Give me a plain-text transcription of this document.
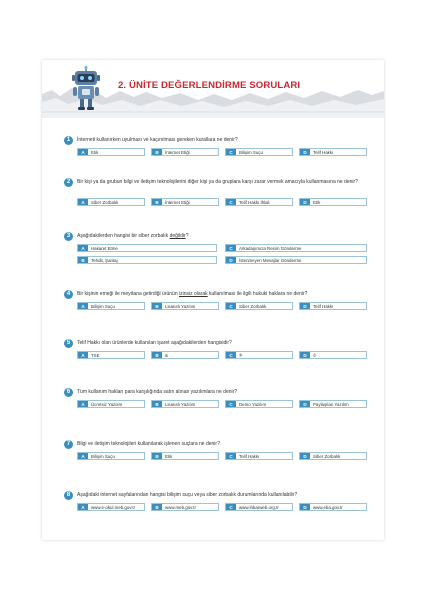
2. ÜNİTE DEĞERLENDİRME SORULARI
1	İnterneti kullanırken uyulması ve kaçınılması gereken kurallara ne denir?
A	Etik	B	İnternet Etiği	C	Bilişim Suçu	D	Telif Hakkı
2	Bir kişi ya da grubun bilgi ve iletişim teknolojilerini diğer kişi ya da gruplara karşı zarar vermek amacıyla kullanmasına ne denir?
A	Siber Zorbalık	B	İnternet Etiği	C	Telif Hakkı İhlali	D	Etik
3	Aşağıdakilerden hangisi bir siber zorbalık değildir?
A	Hakaret Etme
B	Tehdit, Şantaj
C	Arkadaşımıza Resim Gönderme
D	İstenmeyen Mesajlar Gönderme
4	Bir kişinin emeği ile meydana getirdiği ürünün izinsiz olarak kullanılması ile ilgili hukuki haklara ne denir?
A	Bilişim Suçu	B	Lisanslı Yazılım	C	Siber Zorbalık	D	Telif Hakkı
5	Telif Hakkı olan ürünlerde kullanılan işaret aşağıdakilerden hangisidir?
A	TSE	B	&	C	®	D	©
6	Tüm kullanım hakları para karşılığında satın alınan yazılımlara ne denir?
A	Ücretsiz Yazılım	B	Lisanslı Yazılım	C	Demo Yazılım	D	Paylaşılan Yazılım
7	Bilgi ve iletişim teknolojileri kullanılarak işlenen suçlara ne denir?
A	Bilişim Suçu	B	Etik	C	Telif Hakkı	D	Siber Zorbalık
8	Aşağıdaki internet sayfalarından hangisi bilişim suçu veya siber zorbalık durumlarında kullanılabilir?
A	www.e-okul.meb.gov.tr	B	www.meb.gov.tr	C	www.ihbarweb.org.tr	D	www.eba.gov.tr
